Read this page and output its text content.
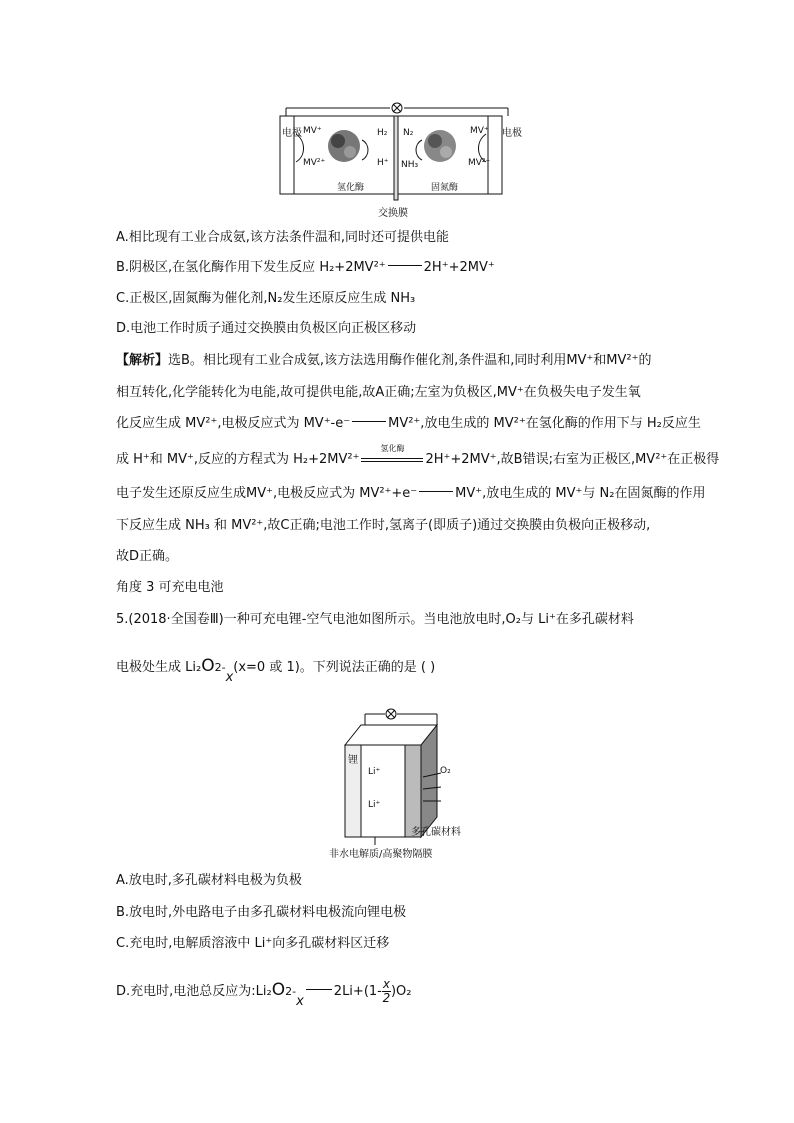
电极	电极
MV⁺
MV²⁺
H₂
H⁺
氢化酶
N₂
NH₃
MV⁺
MV²⁺
固氮酶
交换膜
A.相比现有工业合成氨,该方法条件温和,同时还可提供电能
B.阴极区,在氢化酶作用下发生反应 H₂+2MV²⁺	2H⁺+2MV⁺
C.正极区,固氮酶为催化剂,N₂发生还原反应生成 NH₃
D.电池工作时质子通过交换膜由负极区向正极区移动
【解析】选B。相比现有工业合成氨,该方法选用酶作催化剂,条件温和,同时利用MV⁺和MV²⁺的
相互转化,化学能转化为电能,故可提供电能,故A正确;左室为负极区,MV⁺在负极失电子发生氧
化反应生成 MV²⁺,电极反应式为 MV⁺-e⁻	MV²⁺,放电生成的 MV²⁺在氢化酶的作用下与 H₂反应生
成 H⁺和 MV⁺,反应的方程式为 H₂+2MV²⁺
氢化酶
2H⁺+2MV⁺,故B错误;右室为正极区,MV²⁺在正极得
电子发生还原反应生成MV⁺,电极反应式为 MV²⁺+e⁻	MV⁺,放电生成的 MV⁺与 N₂在固氮酶的作用
下反应生成 NH₃ 和 MV²⁺,故C正确;电池工作时,氢离子(即质子)通过交换膜由负极向正极移动,
故D正确。
角度 3 可充电电池
5.(2018·全国卷Ⅲ)一种可充电锂-空气电池如图所示。当电池放电时,O₂与 Li⁺在多孔碳材料
电极处生成 Li₂O2-x(x=0 或 1)。下列说法正确的是 ( )
锂
Li⁺
Li⁺
O₂
多孔碳材料
非水电解质/高聚物隔膜
A.放电时,多孔碳材料电极为负极
B.放电时,外电路电子由多孔碳材料电极流向锂电极
C.充电时,电解质溶液中 Li⁺向多孔碳材料区迁移
D.充电时,电池总反应为:Li₂O2-x2Li+(1- $\frac{x}{2} )O_2$
